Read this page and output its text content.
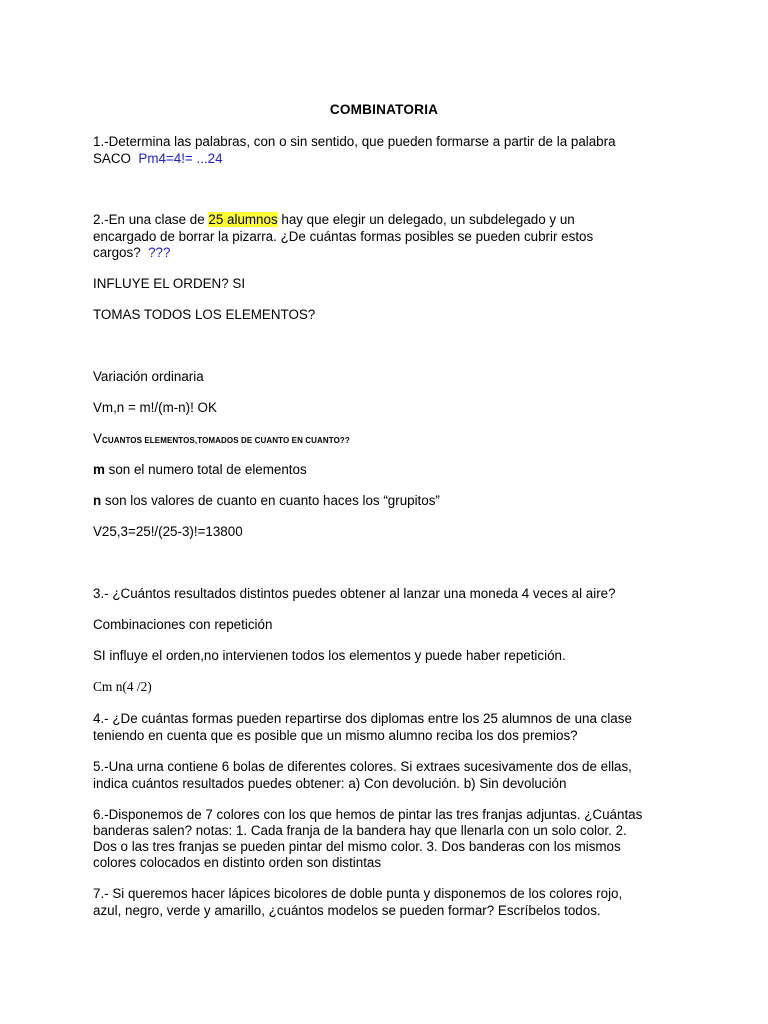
COMBINATORIA
1.-Determina las palabras, con o sin sentido, que pueden formarse a partir de la palabra
SACO Pm4=4!= ...24
2.-En una clase de 25 alumnos hay que elegir un delegado, un subdelegado y un
encargado de borrar la pizarra. ¿De cuántas formas posibles se pueden cubrir estos
cargos? ???
INFLUYE EL ORDEN? SI
TOMAS TODOS LOS ELEMENTOS?
Variación ordinaria
Vm,n = m!/(m-n)! OK
VCUANTOS ELEMENTOS,TOMADOS DE CUANTO EN CUANTO??
m son el numero total de elementos
n son los valores de cuanto en cuanto haces los “grupitos”
V25,3=25!/(25-3)!=13800
3.- ¿Cuántos resultados distintos puedes obtener al lanzar una moneda 4 veces al aire?
Combinaciones con repetición
SI influye el orden,no intervienen todos los elementos y puede haber repetición.
Cm n(4 /2)
4.- ¿De cuántas formas pueden repartirse dos diplomas entre los 25 alumnos de una clase
teniendo en cuenta que es posible que un mismo alumno reciba los dos premios?
5.-Una urna contiene 6 bolas de diferentes colores. Si extraes sucesivamente dos de ellas,
indica cuántos resultados puedes obtener: a) Con devolución. b) Sin devolución
6.-Disponemos de 7 colores con los que hemos de pintar las tres franjas adjuntas. ¿Cuántas
banderas salen? notas: 1. Cada franja de la bandera hay que llenarla con un solo color. 2.
Dos o las tres franjas se pueden pintar del mismo color. 3. Dos banderas con los mismos
colores colocados en distinto orden son distintas
7.- Si queremos hacer lápices bicolores de doble punta y disponemos de los colores rojo,
azul, negro, verde y amarillo, ¿cuántos modelos se pueden formar? Escríbelos todos.
